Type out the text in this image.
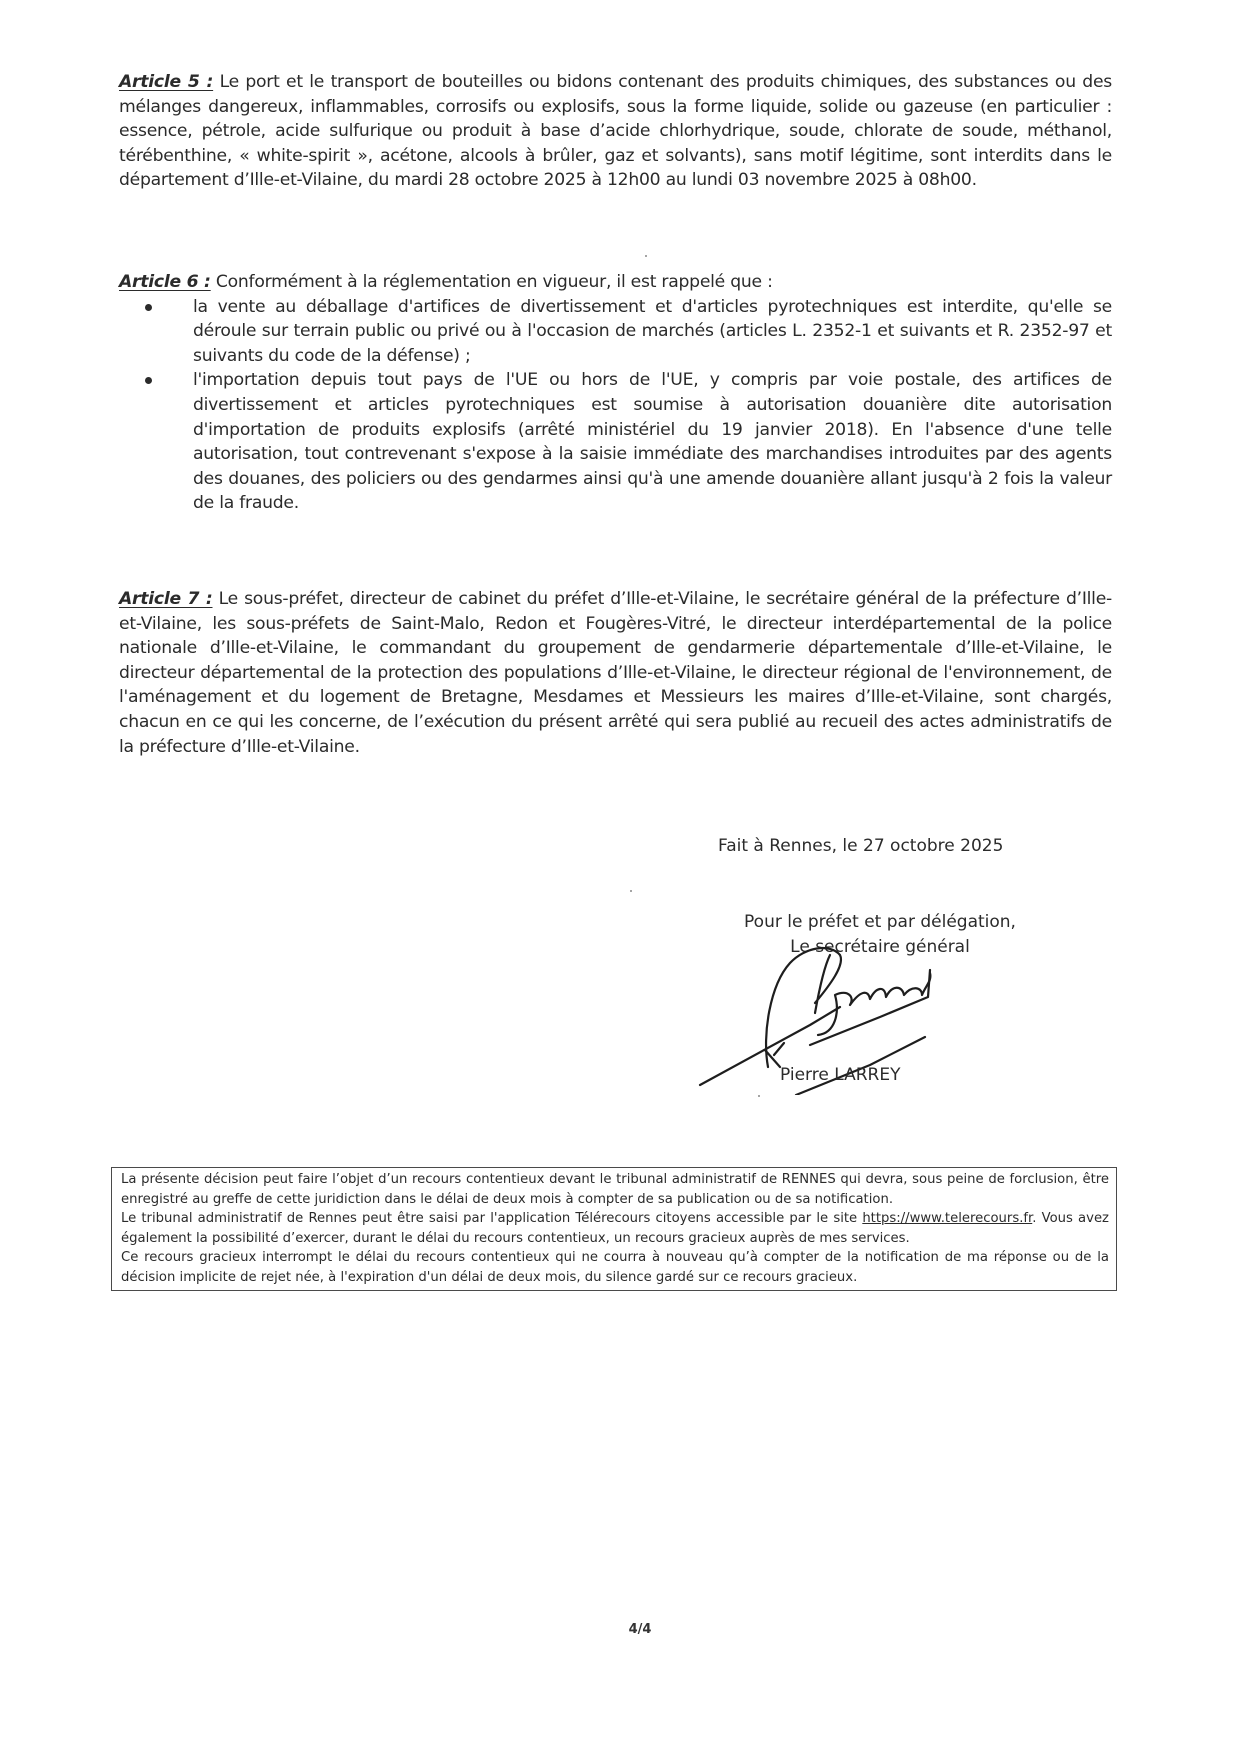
Article 5 : Le port et le transport de bouteilles ou bidons contenant des produits chimiques, des substances ou des mélanges dangereux, inflammables, corrosifs ou explosifs, sous la forme liquide, solide ou gazeuse (en particulier : essence, pétrole, acide sulfurique ou produit à base d’acide chlorhydrique, soude, chlorate de soude, méthanol, térébenthine, « white-spirit », acétone, alcools à brûler, gaz et solvants), sans motif légitime, sont interdits dans le département d’Ille-et-Vilaine, du mardi 28 octobre 2025 à 12h00 au lundi 03 novembre 2025 à 08h00.

Article 6 : Conformément à la réglementation en vigueur, il est rappelé que :

la vente au déballage d'artifices de divertissement et d'articles pyrotechniques est interdite, qu'elle se déroule sur terrain public ou privé ou à l'occasion de marchés (articles L. 2352-1 et suivants et R. 2352-97 et suivants du code de la défense) ;
l'importation depuis tout pays de l'UE ou hors de l'UE, y compris par voie postale, des artifices de divertissement et articles pyrotechniques est soumise à autorisation douanière dite autorisation d'importation de produits explosifs (arrêté ministériel du 19 janvier 2018). En l'absence d'une telle autorisation, tout contrevenant s'expose à la saisie immédiate des marchandises introduites par des agents des douanes, des policiers ou des gendarmes ainsi qu'à une amende douanière allant jusqu'à 2 fois la valeur de la fraude.

Article 7 : Le sous-préfet, directeur de cabinet du préfet d’Ille-et-Vilaine, le secrétaire général de la préfecture d’Ille-et-Vilaine, les sous-préfets de Saint-Malo, Redon et Fougères-Vitré, le directeur interdépartemental de la police nationale d’Ille-et-Vilaine, le commandant du groupement de gendarmerie départementale d’Ille-et-Vilaine, le directeur départemental de la protection des populations d’Ille-et-Vilaine, le directeur régional de l'environnement, de l'aménagement et du logement de Bretagne, Mesdames et Messieurs les maires d’Ille-et-Vilaine, sont chargés, chacun en ce qui les concerne, de l’exécution du présent arrêté qui sera publié au recueil des actes administratifs de la préfecture d’Ille-et-Vilaine.

Fait à Rennes, le 27 octobre 2025
Pour le préfet et par délégation,
Le secrétaire général
Pierre LARREY

La présente décision peut faire l’objet d’un recours contentieux devant le tribunal administratif de RENNES qui devra, sous peine de forclusion, être enregistré au greffe de cette juridiction dans le délai de deux mois à compter de sa publication ou de sa notification.

Le tribunal administratif de Rennes peut être saisi par l'application Télérecours citoyens accessible par le site https://www.telerecours.fr. Vous avez également la possibilité d’exercer, durant le délai du recours contentieux, un recours gracieux auprès de mes services.

Ce recours gracieux interrompt le délai du recours contentieux qui ne courra à nouveau qu’à compter de la notification de ma réponse ou de la décision implicite de rejet née, à l'expiration d'un délai de deux mois, du silence gardé sur ce recours gracieux.

4/4
